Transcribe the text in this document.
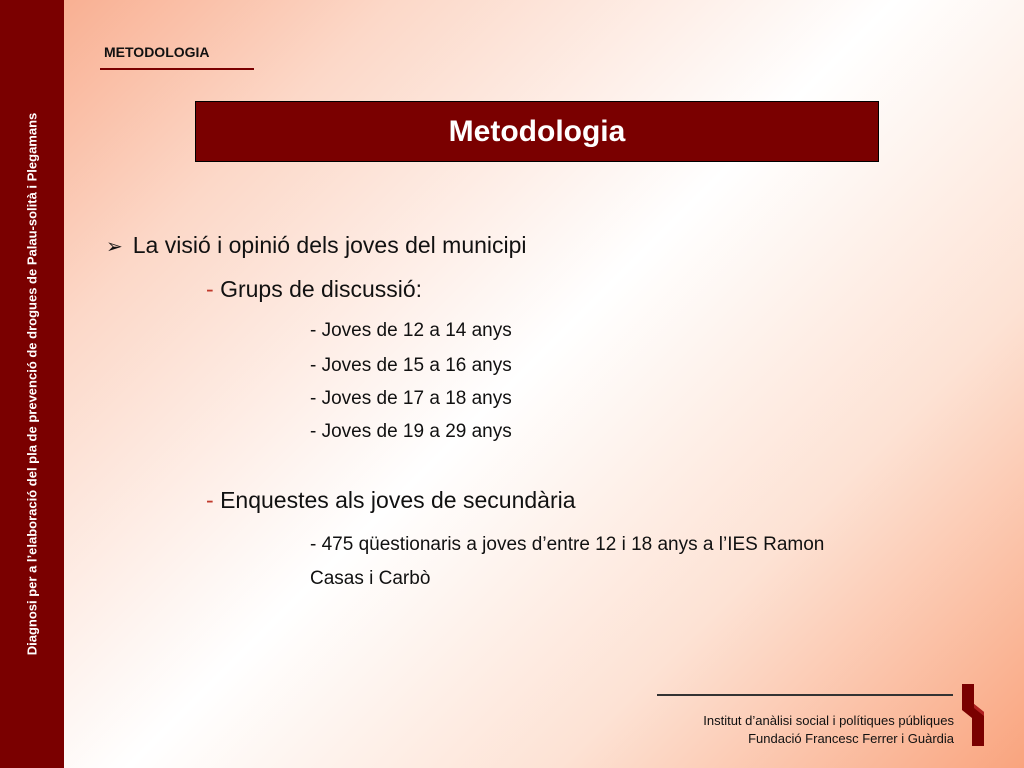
Diagnosi per a l’elaboració del pla de prevenció de drogues de Palau-solità i Plegamans
METODOLOGIA
Metodologia
➢ La visió i opinió dels joves del municipi
- Grups de discussió:
- Joves de 12 a 14 anys
- Joves de 15 a 16 anys
- Joves de 17 a 18 anys
- Joves de 19 a 29 anys
- Enquestes als joves de secundària
- 475 qüestionaris a joves d’entre 12 i 18 anys a l’IES Ramon
Casas i Carbò
Institut d’anàlisi social i polítiques públiques
Fundació Francesc Ferrer i Guàrdia
